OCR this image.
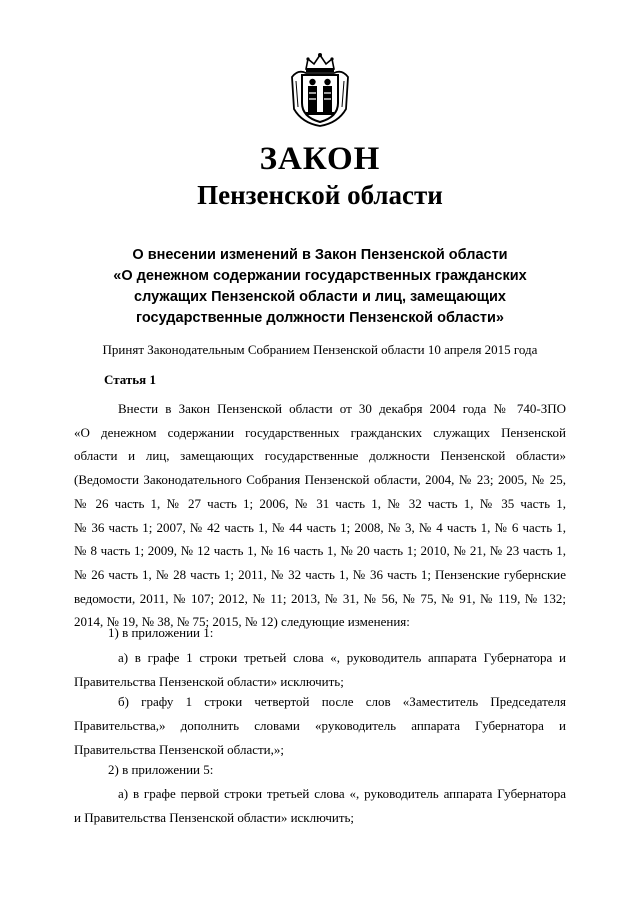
ЗАКОН
Пензенской области
О внесении изменений в Закон Пензенской области
«О денежном содержании государственных гражданских
служащих Пензенской области и лиц, замещающих
государственные должности Пензенской области»
Принят Законодательным Собранием Пензенской области 10 апреля 2015 года
Статья 1
Внести в Закон Пензенской области от 30 декабря 2004 года № 740-ЗПО
«О денежном содержании государственных гражданских служащих Пензенской
области и лиц, замещающих государственные должности Пензенской области»
(Ведомости Законодательного Собрания Пензенской области, 2004, № 23; 2005, № 25,
№ 26 часть 1, № 27 часть 1; 2006, № 31 часть 1, № 32 часть 1, № 35 часть 1,
№ 36 часть 1; 2007, № 42 часть 1, № 44 часть 1; 2008, № 3, № 4 часть 1, № 6 часть 1,
№ 8 часть 1; 2009, № 12 часть 1, № 16 часть 1, № 20 часть 1; 2010, № 21, № 23 часть 1,
№ 26 часть 1, № 28 часть 1; 2011, № 32 часть 1, № 36 часть 1; Пензенские губернские
ведомости, 2011, № 107; 2012, № 11; 2013, № 31, № 56, № 75, № 91, № 119, № 132;
2014, № 19, № 38, № 75; 2015, № 12) следующие изменения:
1) в приложении 1:
а) в графе 1 строки третьей слова «, руководитель аппарата Губернатора и
Правительства Пензенской области» исключить;
б) графу 1 строки четвертой после слов «Заместитель Председателя
Правительства,» дополнить словами «руководитель аппарата Губернатора и
Правительства Пензенской области,»;
2) в приложении 5:
а) в графе первой строки третьей слова «, руководитель аппарата Губернатора
и Правительства Пензенской области» исключить;
